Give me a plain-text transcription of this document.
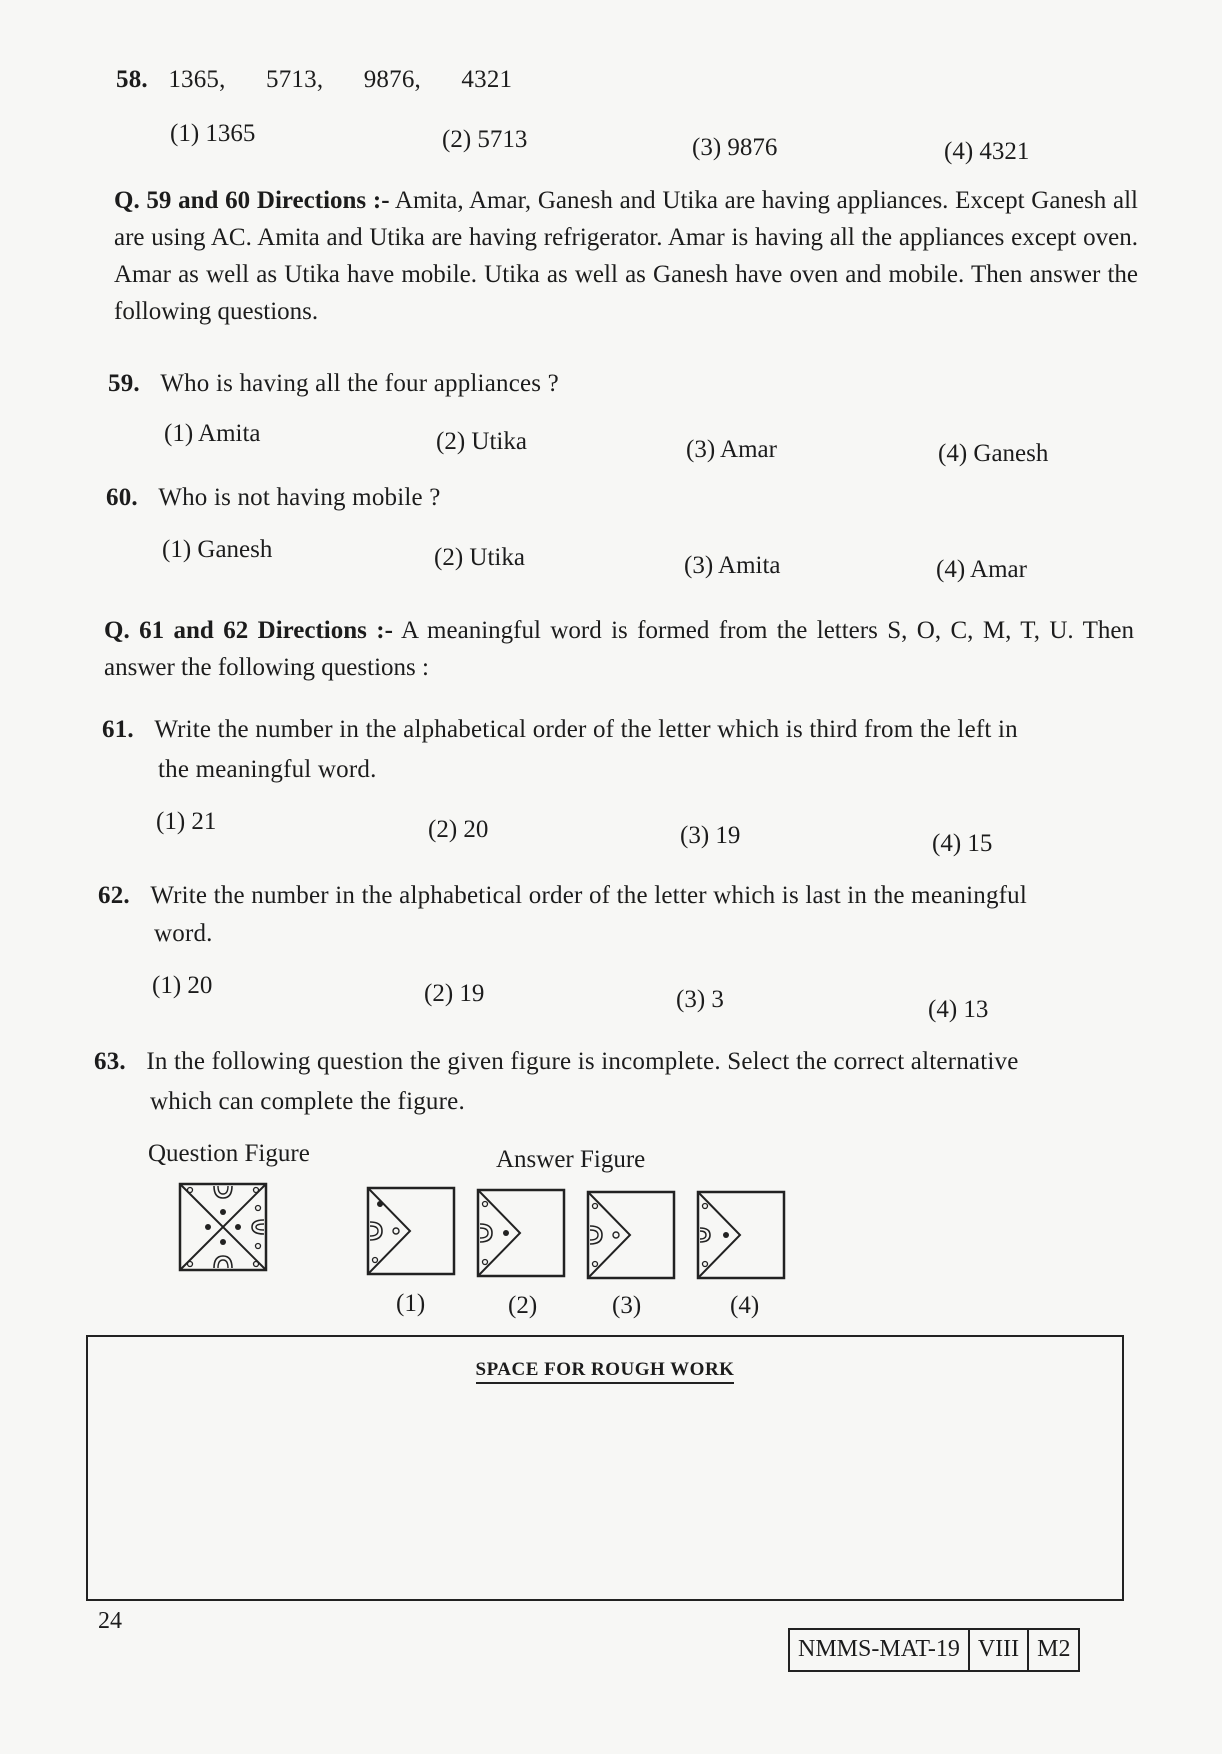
58. 1365, 5713, 9876, 4321
(1) 1365	(2) 5713	(3) 9876	(4) 4321
Q. 59 and 60 Directions :- Amita, Amar, Ganesh and Utika are having appliances. Except Ganesh all are using AC. Amita and Utika are having refrigerator. Amar is having all the appliances except oven. Amar as well as Utika have mobile. Utika as well as Ganesh have oven and mobile. Then answer the following questions.
59. Who is having all the four appliances ?
(1) Amita	(2) Utika	(3) Amar	(4) Ganesh
60. Who is not having mobile ?
(1) Ganesh	(2) Utika	(3) Amita	(4) Amar
Q. 61 and 62 Directions :- A meaningful word is formed from the letters S, O, C, M, T, U. Then answer the following questions :
61. Write the number in the alphabetical order of the letter which is third from the left in
the meaningful word.
(1) 21	(2) 20	(3) 19	(4) 15
62. Write the number in the alphabetical order of the letter which is last in the meaningful
word.
(1) 20	(2) 19	(3) 3	(4) 13
63. In the following question the given figure is incomplete. Select the correct alternative
which can complete the figure.
Question Figure	Answer Figure
(1)	(2)	(3)	(4)
SPACE FOR ROUGH WORK
24
NMMS-MAT-19 VIII M2
